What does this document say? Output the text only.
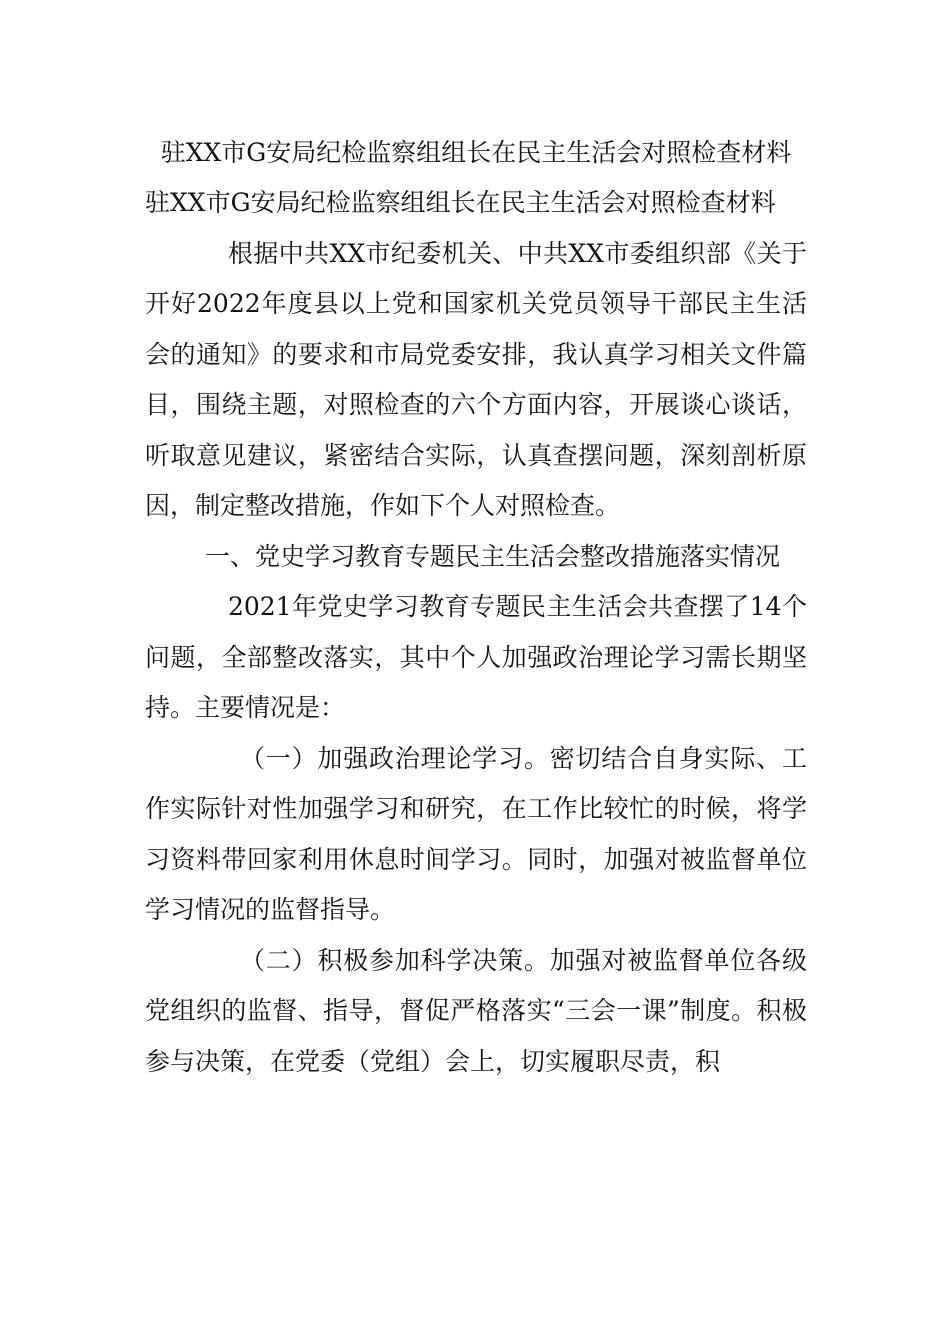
驻XX市G安局纪检监察组组长在民主生活会对照检查材料

驻XX市G安局纪检监察组组长在民主生活会对照检查材料

根据中共XX市纪委机关、中共XX市委组织部《关于开好2022年度县以上党和国家机关党员领导干部民主生活会的通知》的要求和市局党委安排，我认真学习相关文件篇目，围绕主题，对照检查的六个方面内容，开展谈心谈话，听取意见建议，紧密结合实际，认真查摆问题，深刻剖析原因，制定整改措施，作如下个人对照检查。

一、党史学习教育专题民主生活会整改措施落实情况

2021年党史学习教育专题民主生活会共查摆了14个问题，全部整改落实，其中个人加强政治理论学习需长期坚持。主要情况是：

（一）加强政治理论学习。密切结合自身实际、工作实际针对性加强学习和研究，在工作比较忙的时候，将学习资料带回家利用休息时间学习。同时，加强对被监督单位学习情况的监督指导。

（二）积极参加科学决策。加强对被监督单位各级党组织的监督、指导，督促严格落实“三会一课”制度。积极参与决策，在党委（党组）会上，切实履职尽责，积
